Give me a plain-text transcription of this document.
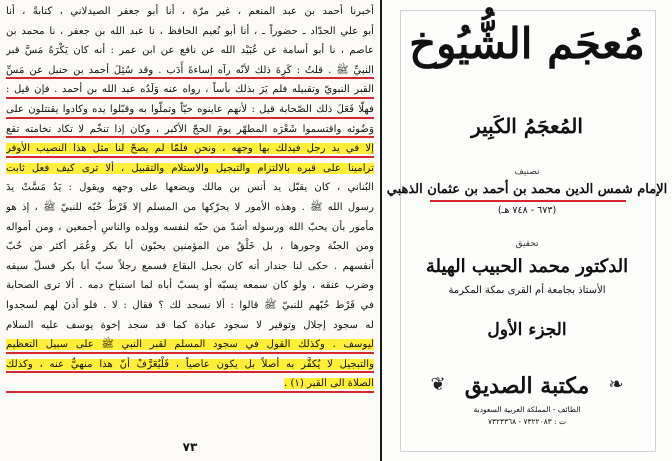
أخبرنا أحمد بن عبد المنعم ، غير مرّة ، أنا أبو جعفر الصيدلاني ، كتابةً ، أنا
أبو علي الحدّاد ـ حضوراً ـ ، أنا أبو نُعيم الحافظ ، نا عبد الله بن جعفر ، نا محمد بن
عاصم ، نا أبو أسامة عن عُبَيْد الله عن نافع عن ابن عمر : أنه كان يَكْرَهُ مَسَّ قبر
النبيِّ ﷺ . قلتُ : كَرِهَ ذلك لأنّه رآه إساءةَ أَدَب . وقد سُئِلَ أحمد بن حنبل عن مَسِّ
القبر النبويّ وتقبيله فلم يَرَ بذلك بأساً ، رواه عنه وَلَدُه عبد الله بن أحمد . فإن قيل :
فهلّا فَعَلَ ذلك الصّحابة قيل : لأنهم عاينوه حيّاً وتملّوا به وقبّلوا يده وكادوا يقتتلون على
وَضُوئه واقتسموا شَعْرَه المطهّر يومَ الحجّ الأكبر ، وكان إذا تنخّم لا تكاد نخامته تقع
إلا في يد رجل فيدلك بها وجهه ، ونحن فلمّا لم يصحّ لنا مثل هذا النصيب الأوفر
ترامينا على قبره بالالتزام والتبجيل والاستلام والتقبيل ، ألا ترى كيف فعل ثابت
البُناني ، كان يقبّل يد أنس بن مالك ويضعها على وجهه ويقول : يَدٌ مَسَّتْ يدَ
رسول الله ﷺ . وهذه الأمور لا يحرّكها من المسلم إلا فَرْطُ حُبّه للنبيّ ﷺ ، إذ هو
مأمور بأن يحبّ الله ورسوله أشدّ من حبّه لنفسه وولده والناسِ أجمعين ، ومن أمواله
ومن الجنّة وحورها ، بل خَلْقٌ من المؤمنين يحبّون أبا بكر وعُمَر أكثر من حُبّ
أنفسهم . حكى لنا جندار أنه كان بجبل البقاع فسمع رجلاً سبّ أبا بكر فسلّ سيفه
وضرب عنقه ، ولو كان سمعه يسبّه أو يسبّ أباه لما استباح دمه . ألا ترى الصحابة
في فَرْط حُبّهم للنبيّ ﷺ قالوا : ألا نسجد لك ؟ فقال : لا . فلو أذنَ لهم لسجدوا
له سجود إجلال وتوقير لا سجود عبادة كما قد سجد إخوة يوسف عليه السلام
ليوسف . وكذلك القول في سجود المسلم لقبر النبي ﷺ على سبيل التعظيم
والتبجيل لا يُكفَّر به أصلاً بل يكون عاصياً ، فَلْيُعَرَّفْ أنّ هذا منهيٌّ عنه ، وكذلك
الصلاة الى القبر (١) .
٧٣
مُعجَم الشُّيُوخ
المُعجَمُ الكَبِير
تصنيف
الإمام شمس الدين محمد بن أحمد بن عثمان الذهبي
(٦٧٣ - ٧٤٨ هـ)
تحقيق
الدكتور محمد الحبيب الهيلة
الأستاذ بجامعة أم القرى بمكة المكرمة
الجزء الأول
❦	❧
مكتبة الصديق
الطائف - المملكة العربية السعودية
ت : ٧٣٢٢٠٨٣ - ٧٣٢٣٣٦٨
